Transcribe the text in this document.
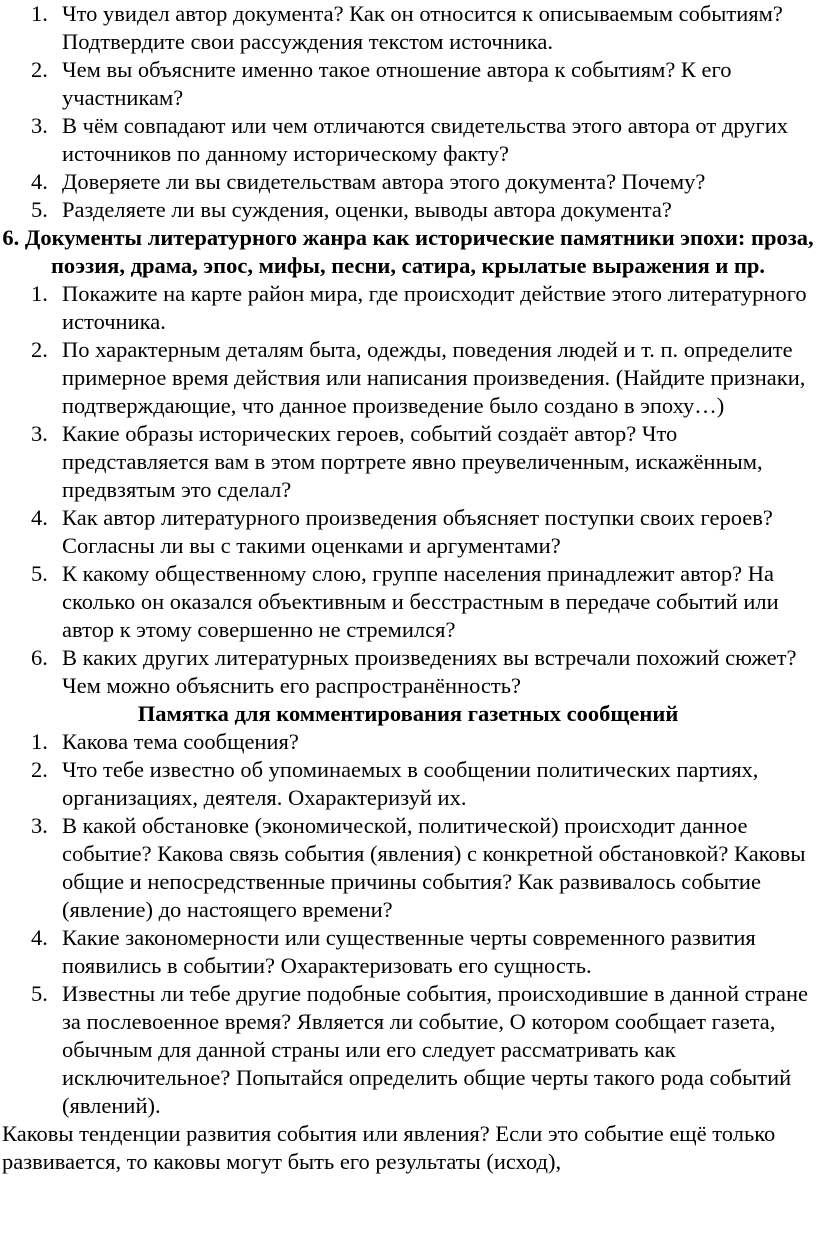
1. Что увидел автор документа? Как он относится к описываемым событиям? Подтвердите свои рассуждения текстом источника.
2. Чем вы объясните именно такое отношение автора к событиям? К его участникам?
3. В чём совпадают или чем отличаются свидетельства этого автора от других источников по данному историческому факту?
4. Доверяете ли вы свидетельствам автора этого документа? Почему?
5. Разделяете ли вы суждения, оценки, выводы автора документа?

6. Документы литературного жанра как исторические памятники эпохи: проза, поэзия, драма, эпос, мифы, песни, сатира, крылатые выражения и пр.

1. Покажите на карте район мира, где происходит действие этого литературного источника.
2. По характерным деталям быта, одежды, поведения людей и т. п. определите примерное время действия или написания произведения. (Найдите признаки, подтверждающие, что данное произведение было создано в эпоху…)
3. Какие образы исторических героев, событий создаёт автор? Что представляется вам в этом портрете явно преувеличенным, искажённым, предвзятым это сделал?
4. Как автор литературного произведения объясняет поступки своих героев? Согласны ли вы с такими оценками и аргументами?
5. К какому общественному слою, группе населения принадлежит автор? На сколько он оказался объективным и бесстрастным в передаче событий или автор к этому совершенно не стремился?
6. В каких других литературных произведениях вы встречали похожий сюжет? Чем можно объяснить его распространённость?

Памятка для комментирования газетных сообщений

1. Какова тема сообщения?
2. Что тебе известно об упоминаемых в сообщении политических партиях, организациях, деятеля. Охарактеризуй их.
3. В какой обстановке (экономической, политической) происходит данное событие? Какова связь события (явления) с конкретной обстановкой? Каковы общие и непосредственные причины события? Как развивалось событие (явление) до настоящего времени?
4. Какие закономерности или существенные черты современного развития появились в событии? Охарактеризовать его сущность.
5. Известны ли тебе другие подобные события, происходившие в данной стране за послевоенное время? Является ли событие, О котором сообщает газета, обычным для данной страны или его следует рассматривать как исключительное? Попытайся определить общие черты такого рода событий (явлений).

Каковы тенденции развития события или явления? Если это событие ещё только развивается, то каковы могут быть его результаты (исход),
